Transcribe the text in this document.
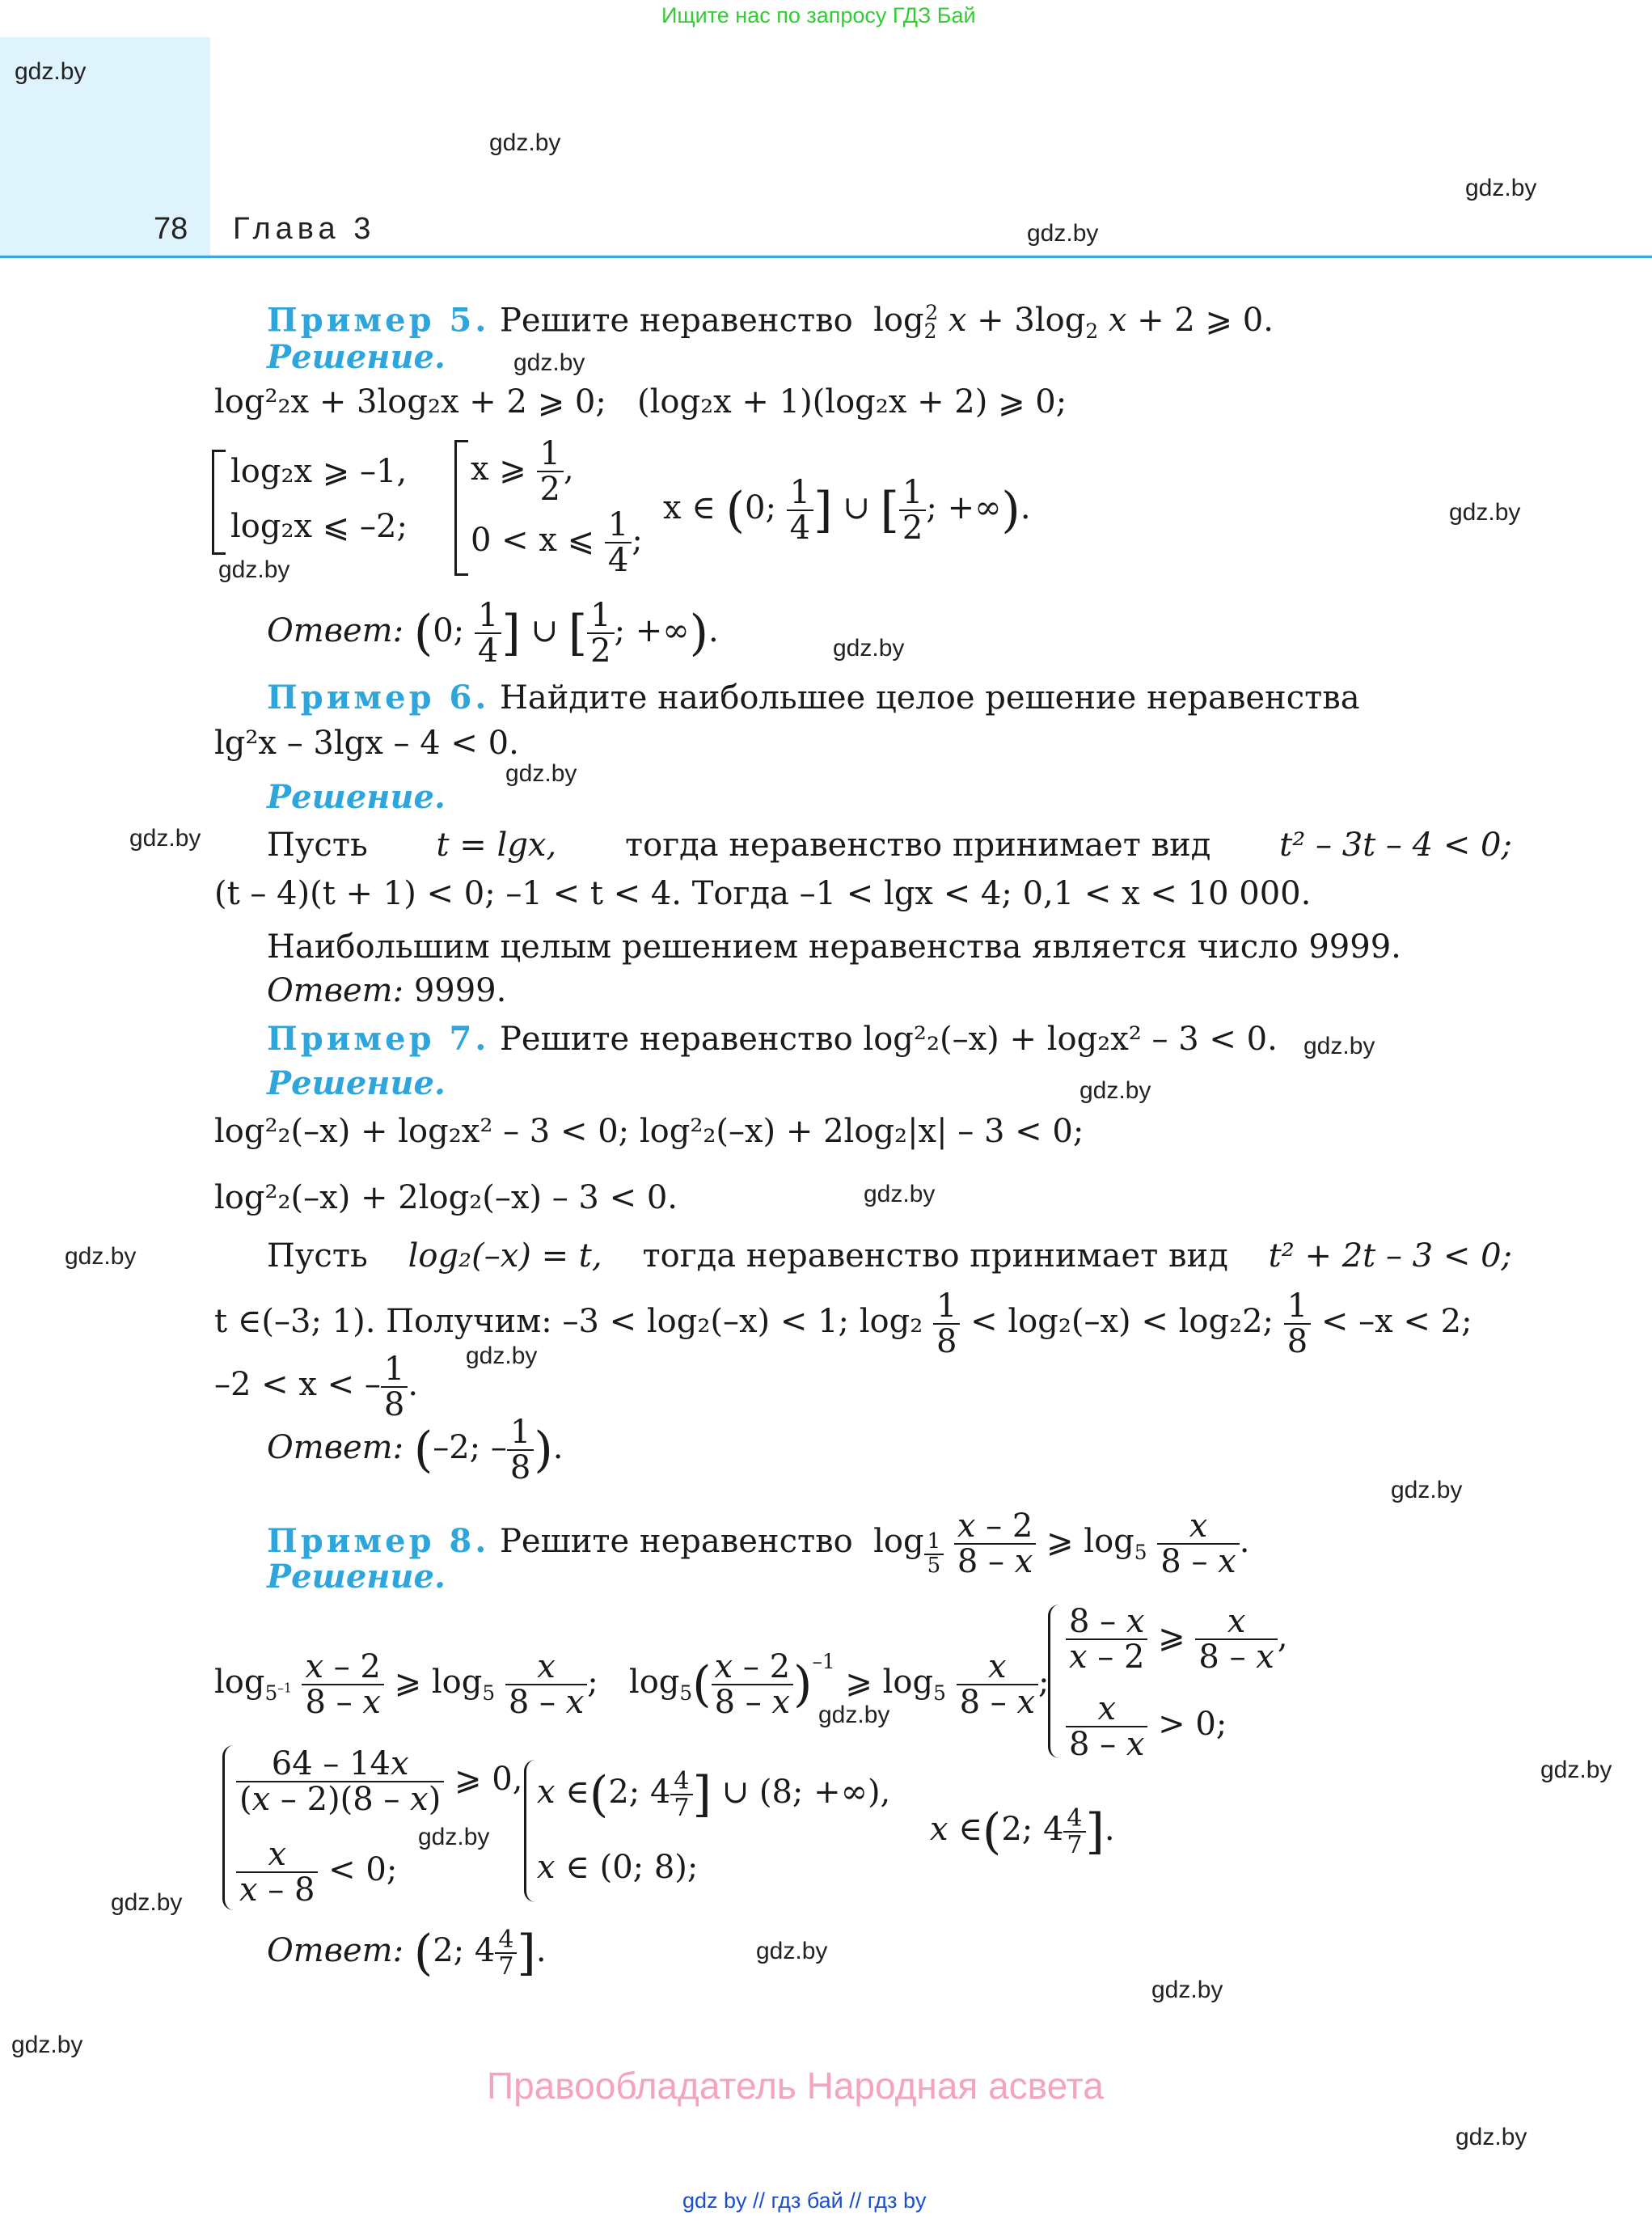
Ищите нас по запросу ГДЗ Бай
78 Глава 3
gdz.by
gdz.by
gdz.by
gdz.by
gdz.by
gdz.by
gdz.by
gdz.by
gdz.by
gdz.by
gdz.by
gdz.by
gdz.by
gdz.by
gdz.by
gdz.by
gdz.by
gdz.by
gdz.by
gdz.by
gdz.by
gdz.by
gdz.by
gdz.by
Пример 5. Решите неравенство  $\log_2^2 x + 3\log_2$ x + 2 ⩾ 0.
Решение.
log²₂x + 3log₂x + 2 ⩾ 0; (log₂x + 1)(log₂x + 2) ⩾ 0;
log₂x ⩾ –1,
log₂x ⩽ –2;
x ⩾ $\frac{1}{2}$ ,
0 < x ⩽ $\frac{1}{4}$ ;
x ∈ (0; $\frac{1}{4}$ ] ∪ [ $\frac{1}{2}$ ; +∞).
Ответ: (0; $\frac{1}{4}$ ] ∪ [ $\frac{1}{2}$ ; +∞).
Пример 6. Найдите наибольшее целое решение неравенства
lg²x – 3lgx – 4 < 0.
Решение.
Пусть t = lgx, тогда неравенство принимает вид t² – 3t – 4 < 0;
(t – 4)(t + 1) < 0; –1 < t < 4. Тогда –1 < lgx < 4; 0,1 < x < 10 000.
Наибольшим целым решением неравенства является число 9999.
Ответ: 9999.
Пример 7. Решите неравенство log²₂(–x) + log₂x² – 3 < 0.
Решение.
log²₂(–x) + log₂x² – 3 < 0; log²₂(–x) + 2log₂|x| – 3 < 0;
log²₂(–x) + 2log₂(–x) – 3 < 0.
Пусть log₂(–x) = t, тогда неравенство принимает вид t² + 2t – 3 < 0;
t ∈(–3; 1). Получим: –3 < log₂(–x) < 1; $\log_2 \frac{1}{8} < \log_2(-x) < \log_22$; $\frac{1}{8} < -x < 2$;
–2 < x < – $\frac{1}{8}$ .
Ответ: (–2; – $\frac{1}{8}$ ).
Пример 8. Решите неравенство  log $_{\frac{1}{5}}$
$\frac{x - 2}{8 - x}$ ⩾ $\log_5 \frac{x}{8 - x}$ .
Решение.
$\log_{5^{-1}} \frac{x - 2}{8 - x}$ ⩾ $\log_5 \frac{x}{8 - x}$ ;   $\log_5( \frac{x - 2}{8 - x} )^{-1}$ ⩾ $\log_5 \frac{x}{8 - x}$ ;
$\frac{8 - x}{x - 2}$ ⩾ $\frac{x}{8 - x}$ ,
$\frac{x}{8 - x} > 0$;
$\frac{64 - 14x}{(x - 2)(8 - x)}$ ⩾ 0,
$\frac{x}{x - 8} < 0$;
x ∈(2; $4 \frac{4}{7}$ ] ∪ (8; +∞),
x ∈ (0; 8);
x ∈(2; $4 \frac{4}{7}$ ].
Ответ: (2; $4 \frac{4}{7}$ ].
Правообладатель Народная асвета
gdz by // гдз бай // гдз by
